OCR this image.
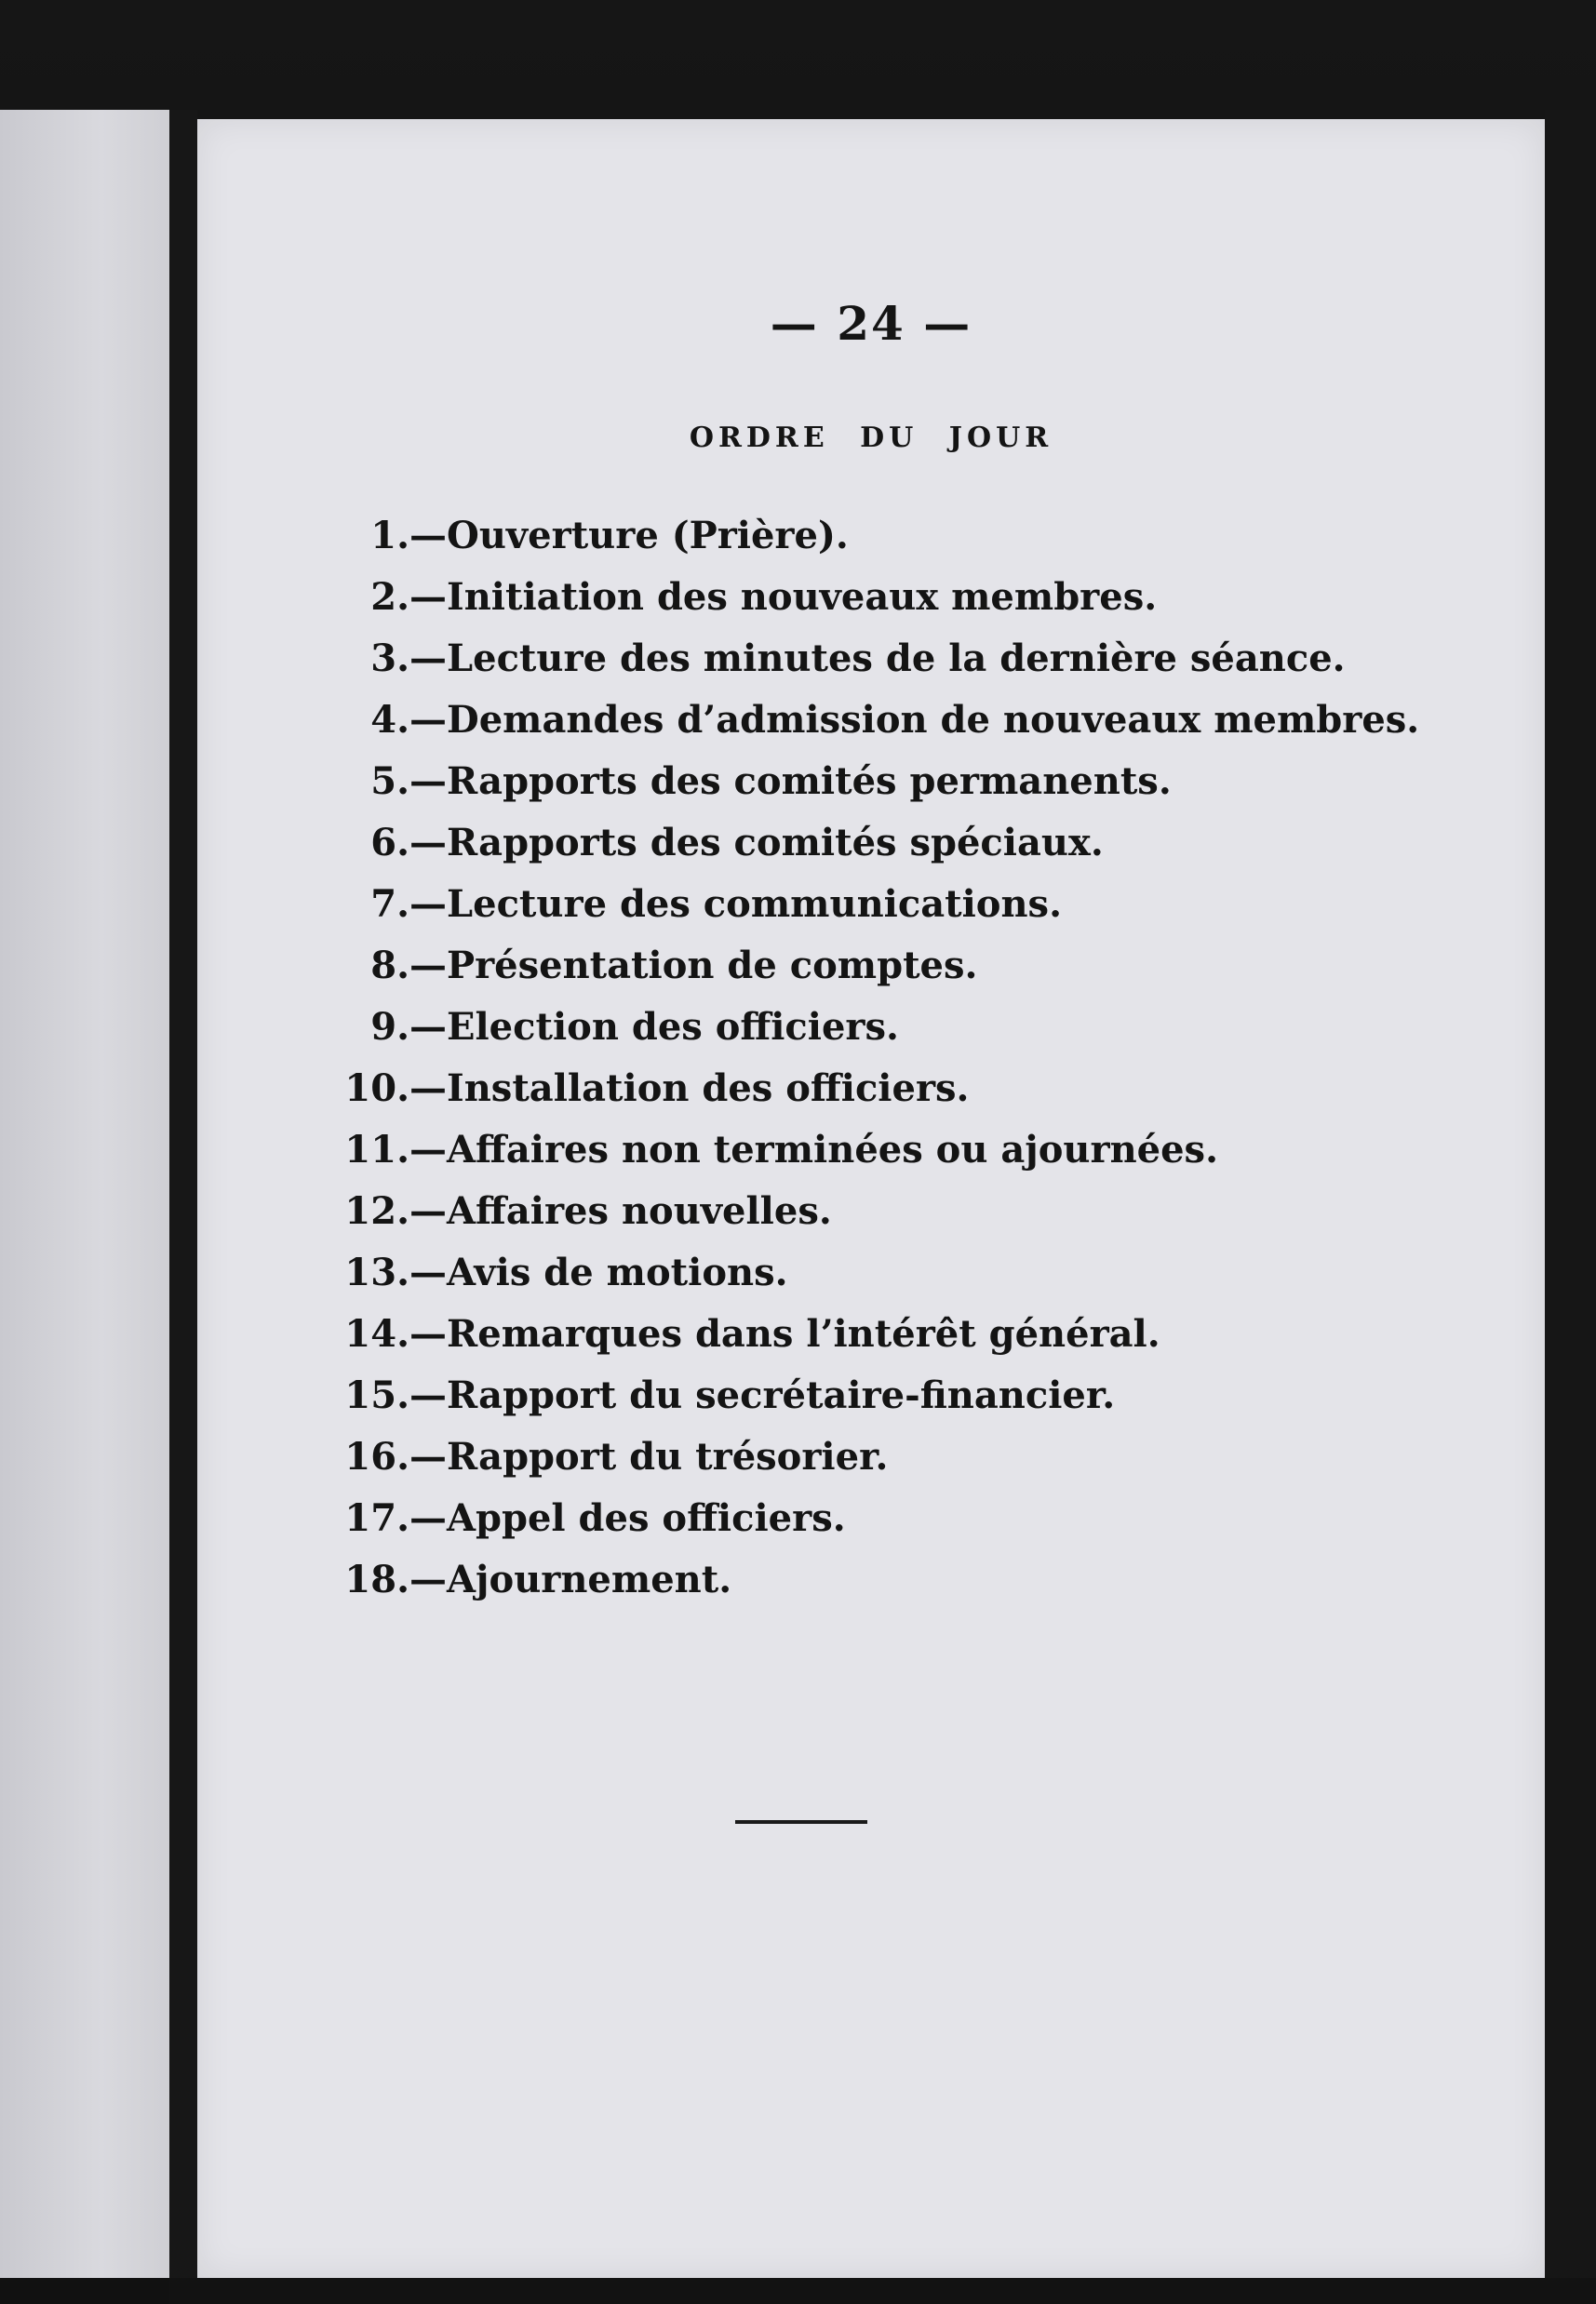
— 24 —
ORDRE DU JOUR
1. —Ouverture (Prière).
2. —Initiation des nouveaux membres.
3. —Lecture des minutes de la dernière séance.
4. —Demandes d’admission de nouveaux membres.
5. —Rapports des comités permanents.
6. —Rapports des comités spéciaux.
7. —Lecture des communications.
8. —Présentation de comptes.
9. —Election des officiers.
10. —Installation des officiers.
11. —Affaires non terminées ou ajournées.
12. —Affaires nouvelles.
13. —Avis de motions.
14. —Remarques dans l’intérêt général.
15. —Rapport du secrétaire-financier.
16. —Rapport du trésorier.
17. —Appel des officiers.
18. —Ajournement.
